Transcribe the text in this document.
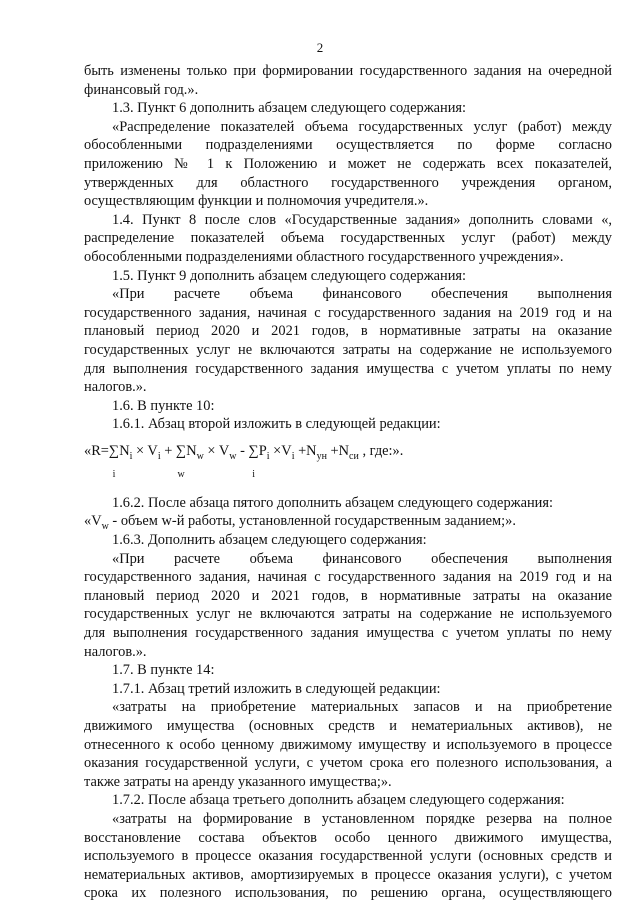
2
быть изменены только при формировании государственного задания на очередной
финансовый год.».
1.3. Пункт 6 дополнить абзацем следующего содержания:
«Распределение показателей объема государственных услуг (работ) между
обособленными подразделениями осуществляется по форме согласно
приложению № 1 к Положению и может не содержать всех показателей,
утвержденных для областного государственного учреждения органом,
осуществляющим функции и полномочия учредителя.».
1.4. Пункт 8 после слов «Государственные задания» дополнить словами «,
распределение показателей объема государственных услуг (работ) между
обособленными подразделениями областного государственного учреждения».
1.5. Пункт 9 дополнить абзацем следующего содержания:
«При расчете объема финансового обеспечения выполнения
государственного задания, начиная с государственного задания на 2019 год и на
плановый период 2020 и 2021 годов, в нормативные затраты на оказание
государственных услуг не включаются затраты на содержание не используемого
для выполнения государственного задания имущества с учетом уплаты по нему
налогов.».
1.6. В пункте 10:
1.6.1. Абзац второй изложить в следующей редакции:
«R=∑
$iN_i \times V_i$ + ∑
$wN_w \times V_w$ - ∑
$iP_i \times V_i +N_{ун} +N_{си}$ , где:».
1.6.2. После абзаца пятого дополнить абзацем следующего содержания:
«$V_w$ - объем w-й работы, установленной государственным заданием;».
1.6.3. Дополнить абзацем следующего содержания:
«При расчете объема финансового обеспечения выполнения
государственного задания, начиная с государственного задания на 2019 год и на
плановый период 2020 и 2021 годов, в нормативные затраты на оказание
государственных услуг не включаются затраты на содержание не используемого
для выполнения государственного задания имущества с учетом уплаты по нему
налогов.».
1.7. В пункте 14:
1.7.1. Абзац третий изложить в следующей редакции:
«затраты на приобретение материальных запасов и на приобретение
движимого имущества (основных средств и нематериальных активов), не
отнесенного к особо ценному движимому имуществу и используемого в процессе
оказания государственной услуги, с учетом срока его полезного использования, а
также затраты на аренду указанного имущества;».
1.7.2. После абзаца третьего дополнить абзацем следующего содержания:
«затраты на формирование в установленном порядке резерва на полное
восстановление состава объектов особо ценного движимого имущества,
используемого в процессе оказания государственной услуги (основных средств и
нематериальных активов, амортизируемых в процессе оказания услуги), с учетом
срока их полезного использования, по решению органа, осуществляющего
